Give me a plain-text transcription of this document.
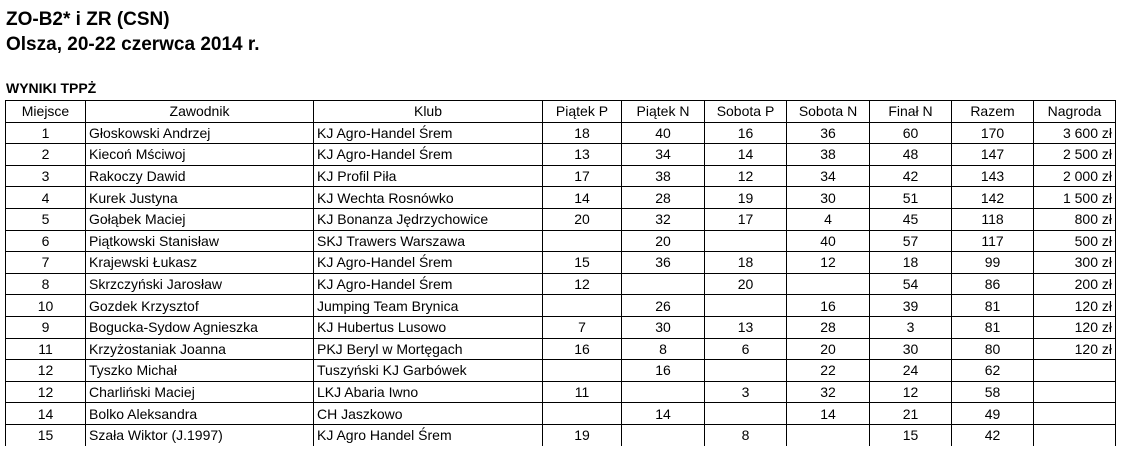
ZO-B2* i ZR (CSN)

Olsza, 20-22 czerwca 2014 r.

WYNIKI TPPŻ
Miejsce	Zawodnik	Klub	Piątek P	Piątek N	Sobota P	Sobota N	Finał N	Razem	Nagroda
1	Głoskowski Andrzej	KJ Agro-Handel Śrem	18	40	16	36	60	170	3 600 zł
2	Kiecoń Mściwoj	KJ Agro-Handel Śrem	13	34	14	38	48	147	2 500 zł
3	Rakoczy Dawid	KJ Profil Piła	17	38	12	34	42	143	2 000 zł
4	Kurek Justyna	KJ Wechta Rosnówko	14	28	19	30	51	142	1 500 zł
5	Gołąbek Maciej	KJ Bonanza Jędrzychowice	20	32	17	4	45	118	800 zł
6	Piątkowski Stanisław	SKJ Trawers Warszawa		20		40	57	117	500 zł
7	Krajewski Łukasz	KJ Agro-Handel Śrem	15	36	18	12	18	99	300 zł
8	Skrzczyński Jarosław	KJ Agro-Handel Śrem	12		20		54	86	200 zł
10	Gozdek Krzysztof	Jumping Team Brynica		26		16	39	81	120 zł
9	Bogucka-Sydow Agnieszka	KJ Hubertus Lusowo	7	30	13	28	3	81	120 zł
11	Krzyżostaniak Joanna	PKJ Beryl w Mortęgach	16	8	6	20	30	80	120 zł
12	Tyszko Michał	Tuszyński KJ Garbówek		16		22	24	62	
12	Charliński Maciej	LKJ Abaria Iwno	11		3	32	12	58	
14	Bolko Aleksandra	CH Jaszkowo		14		14	21	49	
15	Szała Wiktor (J.1997)	KJ Agro Handel Śrem	19		8		15	42	
